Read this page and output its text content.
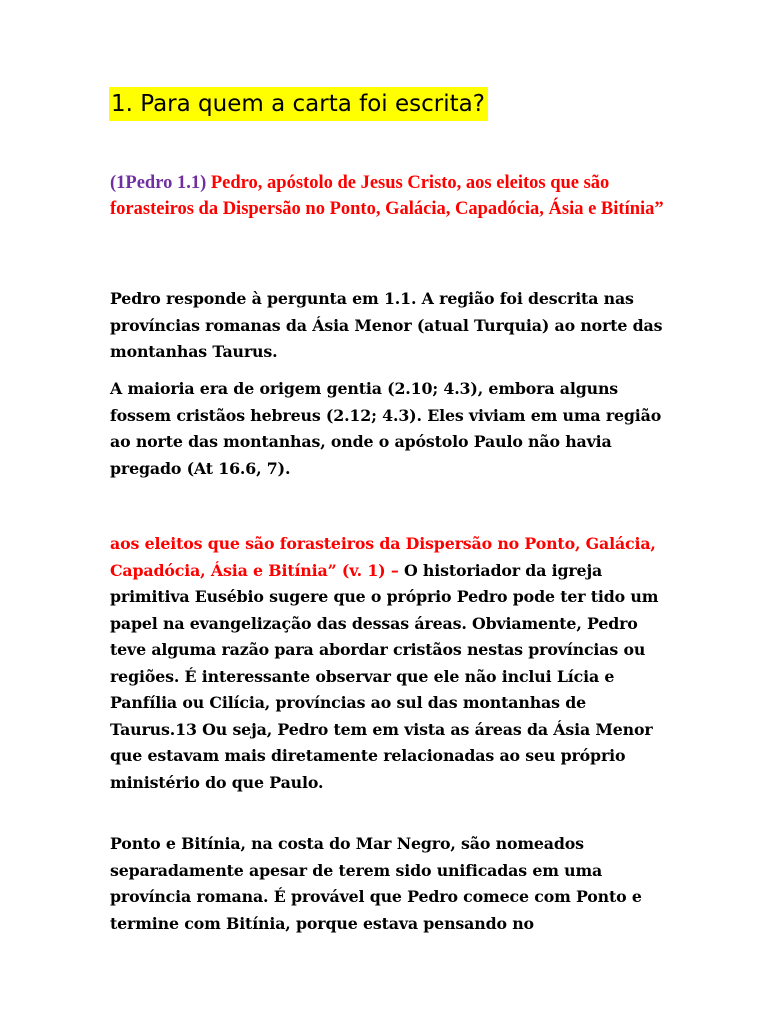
1. Para quem a carta foi escrita?
(1Pedro 1.1) Pedro, apóstolo de Jesus Cristo, aos eleitos que são forasteiros da Dispersão no Ponto, Galácia, Capadócia, Ásia e Bitínia”

Pedro responde à pergunta em 1.1. A região foi descrita nas províncias romanas da Ásia Menor (atual Turquia) ao norte das montanhas Taurus.

A maioria era de origem gentia (2.10; 4.3), embora alguns fossem cristãos hebreus (2.12; 4.3). Eles viviam em uma região ao norte das montanhas, onde o apóstolo Paulo não havia pregado (At 16.6, 7).

aos eleitos que são forasteiros da Dispersão no Ponto, Galácia, Capadócia, Ásia e Bitínia” (v. 1) – O historiador da igreja primitiva Eusébio sugere que o próprio Pedro pode ter tido um papel na evangelização das dessas áreas. Obviamente, Pedro teve alguma razão para abordar cristãos nestas províncias ou regiões. É interessante observar que ele não inclui Lícia e Panfília ou Cilícia, províncias ao sul das montanhas de Taurus.13 Ou seja, Pedro tem em vista as áreas da Ásia Menor que estavam mais diretamente relacionadas ao seu próprio ministério do que Paulo.

Ponto e Bitínia, na costa do Mar Negro, são nomeados separadamente apesar de terem sido unificadas em uma província romana. É provável que Pedro comece com Ponto e termine com Bitínia, porque estava pensando no
